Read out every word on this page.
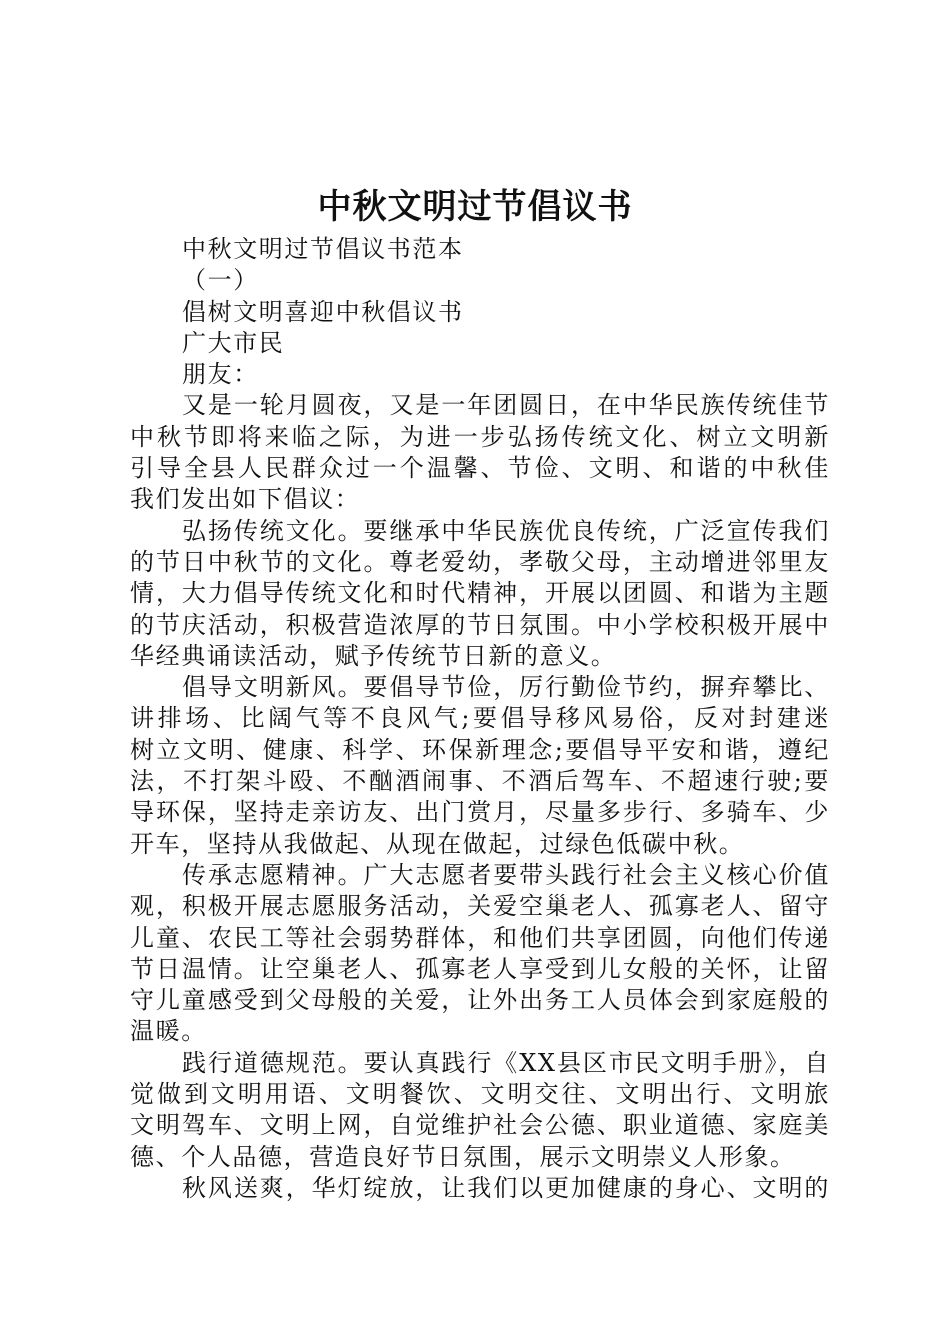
中秋文明过节倡议书
中秋文明过节倡议书范本
（一）
倡树文明喜迎中秋倡议书
广大市民
朋友：
又是一轮月圆夜，又是一年团圆日，在中华民族传统佳节
中秋节即将来临之际，为进一步弘扬传统文化、树立文明新
引导全县人民群众过一个温馨、节俭、文明、和谐的中秋佳
我们发出如下倡议：
弘扬传统文化。要继承中华民族优良传统，广泛宣传我们
的节日中秋节的文化。尊老爱幼，孝敬父母，主动增进邻里友
情，大力倡导传统文化和时代精神，开展以团圆、和谐为主题
的节庆活动，积极营造浓厚的节日氛围。中小学校积极开展中
华经典诵读活动，赋予传统节日新的意义。
倡导文明新风。要倡导节俭，厉行勤俭节约，摒弃攀比、
讲排场、比阔气等不良风气;要倡导移风易俗，反对封建迷
树立文明、健康、科学、环保新理念;要倡导平安和谐，遵纪
法，不打架斗殴、不酗酒闹事、不酒后驾车、不超速行驶;要
导环保，坚持走亲访友、出门赏月，尽量多步行、多骑车、少
开车，坚持从我做起、从现在做起，过绿色低碳中秋。
传承志愿精神。广大志愿者要带头践行社会主义核心价值
观，积极开展志愿服务活动，关爱空巢老人、孤寡老人、留守
儿童、农民工等社会弱势群体，和他们共享团圆，向他们传递
节日温情。让空巢老人、孤寡老人享受到儿女般的关怀，让留
守儿童感受到父母般的关爱，让外出务工人员体会到家庭般的
温暖。
践行道德规范。要认真践行《XX县区市民文明手册》，自
觉做到文明用语、文明餐饮、文明交往、文明出行、文明旅
文明驾车、文明上网，自觉维护社会公德、职业道德、家庭美
德、个人品德，营造良好节日氛围，展示文明崇义人形象。
秋风送爽，华灯绽放，让我们以更加健康的身心、文明的
